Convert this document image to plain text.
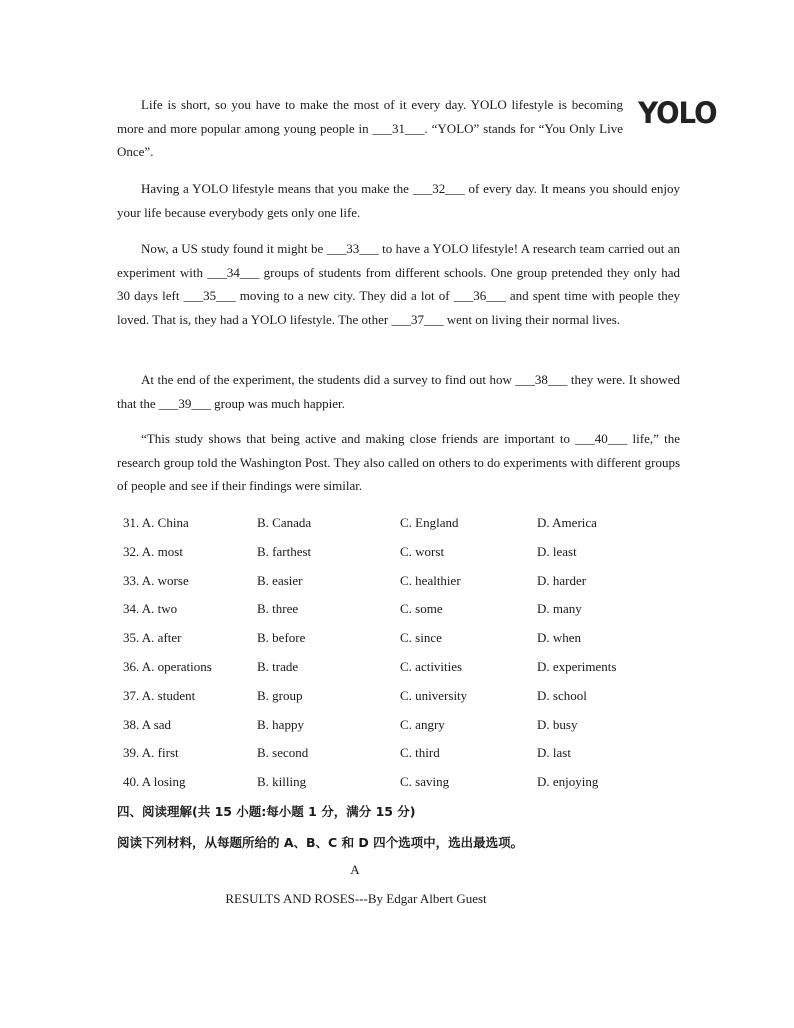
YOLO

Life is short, so you have to make the most of it every day. YOLO lifestyle is becoming more and more popular among young people in ___31___. “YOLO” stands for “You Only Live Once”.

Having a YOLO lifestyle means that you make the ___32___ of every day. It means you should enjoy your life because everybody gets only one life.

Now, a US study found it might be ___33___ to have a YOLO lifestyle! A research team carried out an experiment with ___34___ groups of students from different schools. One group pretended they only had 30 days left ___35___ moving to a new city. They did a lot of ___36___ and spent time with people they loved. That is, they had a YOLO lifestyle. The other ___37___ went on living their normal lives.

At the end of the experiment, the students did a survey to find out how ___38___ they were. It showed that the ___39___ group was much happier.

“This study shows that being active and making close friends are important to ___40___ life,” the research group told the Washington Post. They also called on others to do experiments with different groups of people and see if their findings were similar.

31. A. China	B. Canada	C. England	D. America
32. A. most	B. farthest	C. worst	D. least
33. A. worse	B. easier	C. healthier	D. harder
34. A. two	B. three	C. some	D. many
35. A. after	B. before	C. since	D. when
36. A. operations	B. trade	C. activities	D. experiments
37. A. student	B. group	C. university	D. school
38. A sad	B. happy	C. angry	D. busy
39. A. first	B. second	C. third	D. last
40. A losing	B. killing	C. saving	D. enjoying
四、阅读理解(共 15 小题:每小题 1 分，满分 15 分)
阅读下列材料，从每题所给的 A、B、C 和 D 四个选项中，选出最选项。
A
RESULTS AND ROSES---By Edgar Albert Guest
